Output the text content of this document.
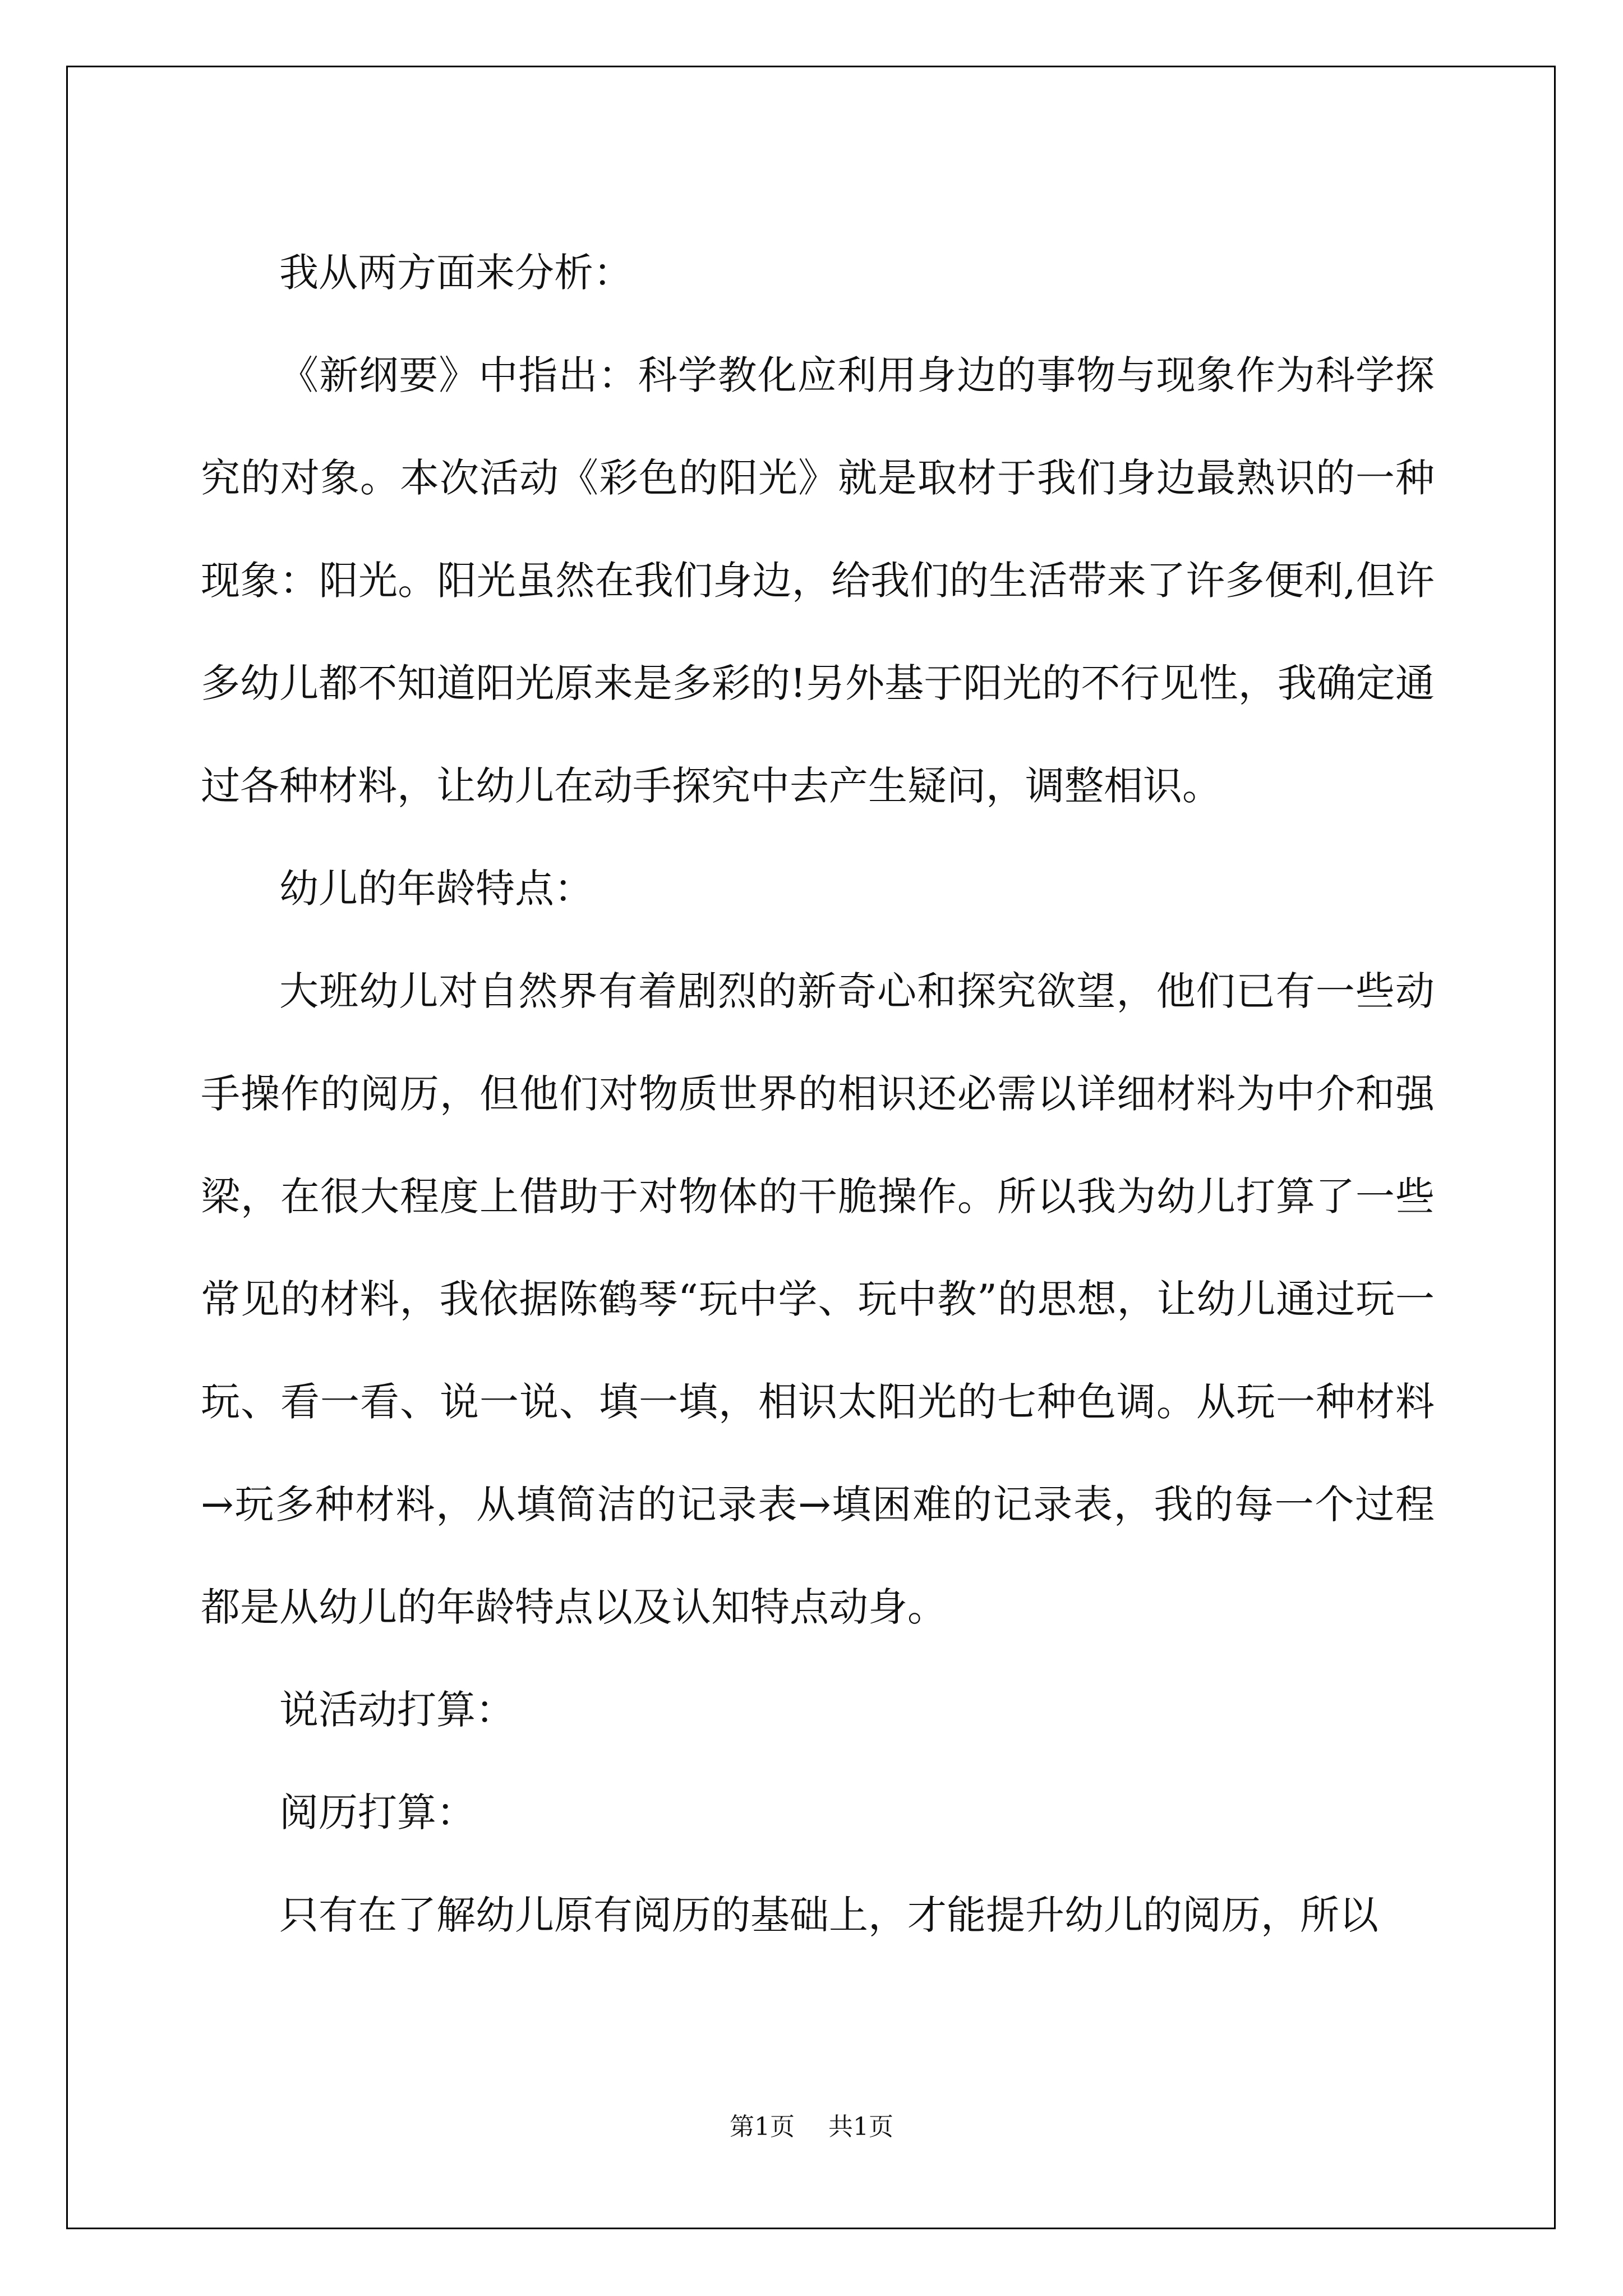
我从两方面来分析：

《新纲要》中指出：科学教化应利用身边的事物与现象作为科学探究的对象。本次活动《彩色的阳光》就是取材于我们身边最熟识的一种现象：阳光。阳光虽然在我们身边，给我们的生活带来了许多便利,但许多幼儿都不知道阳光原来是多彩的!另外基于阳光的不行见性，我确定通过各种材料，让幼儿在动手探究中去产生疑问，调整相识。

幼儿的年龄特点：

大班幼儿对自然界有着剧烈的新奇心和探究欲望，他们已有一些动手操作的阅历，但他们对物质世界的相识还必需以详细材料为中介和强梁，在很大程度上借助于对物体的干脆操作。所以我为幼儿打算了一些常见的材料，我依据陈鹤琴“玩中学、玩中教”的思想，让幼儿通过玩一玩、看一看、说一说、填一填，相识太阳光的七种色调。从玩一种材料→玩多种材料，从填简洁的记录表→填困难的记录表，我的每一个过程都是从幼儿的年龄特点以及认知特点动身。

说活动打算：

阅历打算：

只有在了解幼儿原有阅历的基础上，才能提升幼儿的阅历，所以

第1页 共1页
